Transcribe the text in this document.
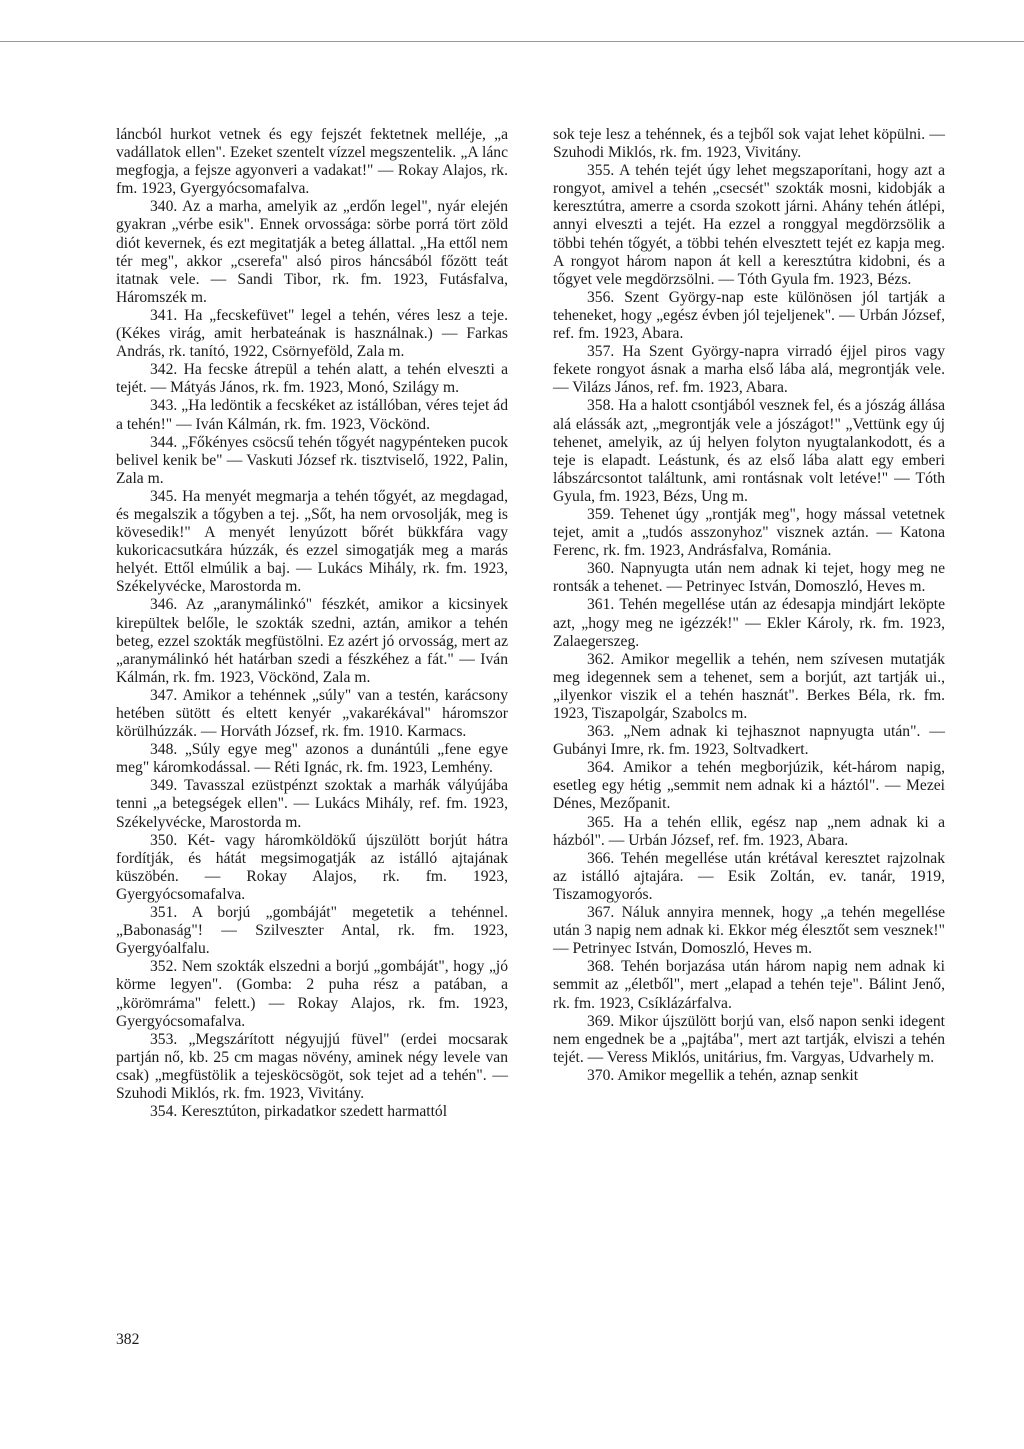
láncból hurkot vetnek és egy fejszét fektetnek melléje, „a vadállatok ellen". Ezeket szentelt vízzel megszentelik. „A lánc megfogja, a fejsze agyonveri a vadakat!" — Rokay Alajos, rk. fm. 1923, Gyergyócsomafalva.

340. Az a marha, amelyik az „erdőn legel", nyár elején gyakran „vérbe esik". Ennek orvossága: sörbe porrá tört zöld diót kevernek, és ezt megitatják a beteg állattal. „Ha ettől nem tér meg", akkor „cserefa" alsó piros háncsából főzött teát itatnak vele. — Sandi Tibor, rk. fm. 1923, Futásfalva, Háromszék m.

341. Ha „fecskefüvet" legel a tehén, véres lesz a teje. (Kékes virág, amit herbateának is használnak.) — Farkas András, rk. tanító, 1922, Csörnyeföld, Zala m.

342. Ha fecske átrepül a tehén alatt, a tehén elveszti a tejét. — Mátyás János, rk. fm. 1923, Monó, Szilágy m.

343. „Ha ledöntik a fecskéket az istállóban, véres tejet ád a tehén!" — Iván Kálmán, rk. fm. 1923, Vöckönd.

344. „Főkényes csöcsű tehén tőgyét nagypénteken pucok belivel kenik be" — Vaskuti József rk. tisztviselő, 1922, Palin, Zala m.

345. Ha menyét megmarja a tehén tőgyét, az megdagad, és megalszik a tőgyben a tej. „Sőt, ha nem orvosolják, meg is kövesedik!" A menyét lenyúzott bőrét bükkfára vagy kukoricacsutkára húzzák, és ezzel simogatják meg a marás helyét. Ettől elmúlik a baj. — Lukács Mihály, rk. fm. 1923, Székelyvécke, Marostorda m.

346. Az „aranymálinkó" fészkét, amikor a kicsinyek kirepültek belőle, le szokták szedni, aztán, amikor a tehén beteg, ezzel szokták megfüstölni. Ez azért jó orvosság, mert az „aranymálinkó hét határban szedi a fészkéhez a fát." — Iván Kálmán, rk. fm. 1923, Vöckönd, Zala m.

347. Amikor a tehénnek „súly" van a testén, karácsony hetében sütött és eltett kenyér „vakarékával" háromszor körülhúzzák. — Horváth József, rk. fm. 1910. Karmacs.

348. „Súly egye meg" azonos a dunántúli „fene egye meg" káromkodással. — Réti Ignác, rk. fm. 1923, Lemhény.

349. Tavasszal ezüstpénzt szoktak a marhák vályújába tenni „a betegségek ellen". — Lukács Mihály, ref. fm. 1923, Székelyvécke, Marostorda m.

350. Két- vagy háromköldökű újszülött borjút hátra fordítják, és hátát megsimogatják az istálló ajtajának küszöbén. — Rokay Alajos, rk. fm. 1923, Gyergyócsomafalva.

351. A borjú „gombáját" megetetik a tehénnel. „Babonaság"! — Szilveszter Antal, rk. fm. 1923, Gyergyóalfalu.

352. Nem szokták elszedni a borjú „gombáját", hogy „jó körme legyen". (Gomba: 2 puha rész a patában, a „körömráma" felett.) — Rokay Alajos, rk. fm. 1923, Gyergyócsomafalva.

353. „Megszárított négyujjú füvel" (erdei mocsarak partján nő, kb. 25 cm magas növény, aminek négy levele van csak) „megfüstölik a tejesköcsögöt, sok tejet ad a tehén". — Szuhodi Miklós, rk. fm. 1923, Vivitány.

354. Keresztúton, pirkadatkor szedett harmattól

sok teje lesz a tehénnek, és a tejből sok vajat lehet köpülni. — Szuhodi Miklós, rk. fm. 1923, Vivitány.

355. A tehén tejét úgy lehet megszaporítani, hogy azt a rongyot, amivel a tehén „csecsét" szokták mosni, kidobják a keresztútra, amerre a csorda szokott járni. Ahány tehén átlépi, annyi elveszti a tejét. Ha ezzel a ronggyal megdörzsölik a többi tehén tőgyét, a többi tehén elvesztett tejét ez kapja meg. A rongyot három napon át kell a keresztútra kidobni, és a tőgyet vele megdörzsölni. — Tóth Gyula fm. 1923, Bézs.

356. Szent György-nap este különösen jól tartják a teheneket, hogy „egész évben jól tejeljenek". — Urbán József, ref. fm. 1923, Abara.

357. Ha Szent György-napra virradó éjjel piros vagy fekete rongyot ásnak a marha első lába alá, megrontják vele. — Vilázs János, ref. fm. 1923, Abara.

358. Ha a halott csontjából vesznek fel, és a jószág állása alá elássák azt, „megrontják vele a jószágot!" „Vettünk egy új tehenet, amelyik, az új helyen folyton nyugtalankodott, és a teje is elapadt. Leástunk, és az első lába alatt egy emberi lábszárcsontot találtunk, ami rontásnak volt letéve!" — Tóth Gyula, fm. 1923, Bézs, Ung m.

359. Tehenet úgy „rontják meg", hogy mással vetetnek tejet, amit a „tudós asszonyhoz" visznek aztán. — Katona Ferenc, rk. fm. 1923, Andrásfalva, Románia.

360. Napnyugta után nem adnak ki tejet, hogy meg ne rontsák a tehenet. — Petrinyec István, Domoszló, Heves m.

361. Tehén megellése után az édesapja mindjárt leköpte azt, „hogy meg ne igézzék!" — Ekler Károly, rk. fm. 1923, Zalaegerszeg.

362. Amikor megellik a tehén, nem szívesen mutatják meg idegennek sem a tehenet, sem a borjút, azt tartják ui., „ilyenkor viszik el a tehén hasznát". Berkes Béla, rk. fm. 1923, Tiszapolgár, Szabolcs m.

363. „Nem adnak ki tejhasznot napnyugta után". — Gubányi Imre, rk. fm. 1923, Soltvadkert.

364. Amikor a tehén megborjúzik, két-három napig, esetleg egy hétig „semmit nem adnak ki a háztól". — Mezei Dénes, Mezőpanit.

365. Ha a tehén ellik, egész nap „nem adnak ki a házból". — Urbán József, ref. fm. 1923, Abara.

366. Tehén megellése után krétával keresztet rajzolnak az istálló ajtajára. — Esik Zoltán, ev. tanár, 1919, Tiszamogyorós.

367. Náluk annyira mennek, hogy „a tehén megellése után 3 napig nem adnak ki. Ekkor még élesztőt sem vesznek!" — Petrinyec István, Domoszló, Heves m.

368. Tehén borjazása után három napig nem adnak ki semmit az „életből", mert „elapad a tehén teje". Bálint Jenő, rk. fm. 1923, Csíklázárfalva.

369. Mikor újszülött borjú van, első napon senki idegent nem engednek be a „pajtába", mert azt tartják, elviszi a tehén tejét. — Veress Miklós, unitárius, fm. Vargyas, Udvarhely m.

370. Amikor megellik a tehén, aznap senkit

382
